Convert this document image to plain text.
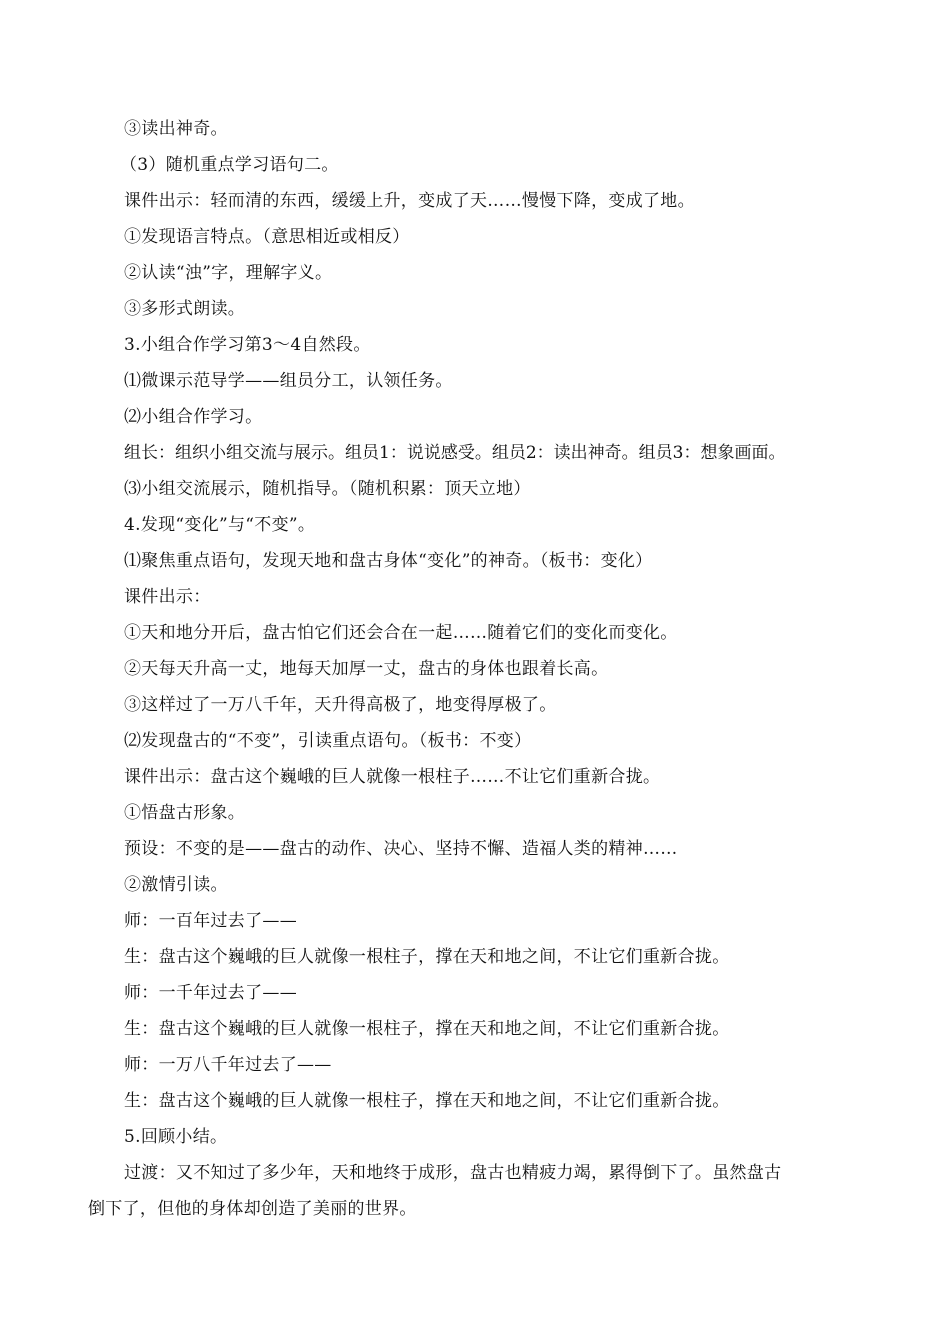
③读出神奇。
（3）随机重点学习语句二。
课件出示：轻而清的东西，缓缓上升，变成了天……慢慢下降，变成了地。
①发现语言特点。（意思相近或相反）
②认读“浊”字，理解字义。
③多形式朗读。
3.小组合作学习第3～4自然段。
⑴微课示范导学——组员分工，认领任务。
⑵小组合作学习。
组长：组织小组交流与展示。组员1：说说感受。组员2：读出神奇。组员3：想象画面。
⑶小组交流展示，随机指导。（随机积累：顶天立地）
4.发现“变化”与“不变”。
⑴聚焦重点语句，发现天地和盘古身体“变化”的神奇。（板书：变化）
课件出示：
①天和地分开后，盘古怕它们还会合在一起……随着它们的变化而变化。
②天每天升高一丈，地每天加厚一丈，盘古的身体也跟着长高。
③这样过了一万八千年，天升得高极了，地变得厚极了。
⑵发现盘古的“不变”，引读重点语句。（板书：不变）
课件出示：盘古这个巍峨的巨人就像一根柱子……不让它们重新合拢。
①悟盘古形象。
预设：不变的是——盘古的动作、决心、坚持不懈、造福人类的精神……
②激情引读。
师：一百年过去了——
生：盘古这个巍峨的巨人就像一根柱子，撑在天和地之间，不让它们重新合拢。
师：一千年过去了——
生：盘古这个巍峨的巨人就像一根柱子，撑在天和地之间，不让它们重新合拢。
师：一万八千年过去了——
生：盘古这个巍峨的巨人就像一根柱子，撑在天和地之间，不让它们重新合拢。
5.回顾小结。
过渡：又不知过了多少年，天和地终于成形，盘古也精疲力竭，累得倒下了。虽然盘古
倒下了，但他的身体却创造了美丽的世界。
